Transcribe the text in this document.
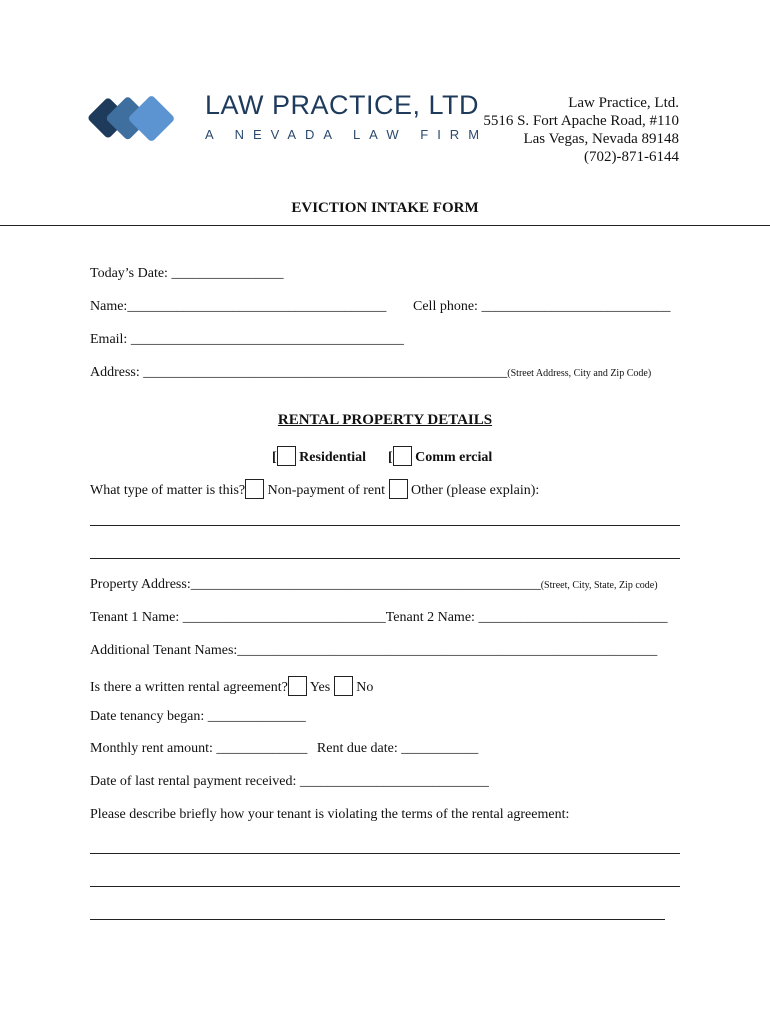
LAW PRACTICE, LTD
A NEVADA LAW FIRM
Law Practice, Ltd.
5516 S. Fort Apache Road, #110
Las Vegas, Nevada 89148
(702)-871-6144
EVICTION INTAKE FORM
Today’s Date: ________________
Name:_____________________________________ Cell phone: ___________________________
Email: _______________________________________
Address: ____________________________________________________(Street Address, City and Zip Code)
RENTAL PROPERTY DETAILS
[ Residential [ Comm ercial
What type of matter is this? Non-payment of rent Other (please explain):
Property Address:__________________________________________________(Street, City, State, Zip code)
Tenant 1 Name: _____________________________Tenant 2 Name: ___________________________
Additional Tenant Names:____________________________________________________________
Is there a written rental agreement? Yes No
Date tenancy began: ______________
Monthly rent amount: _____________ Rent due date: ___________
Date of last rental payment received: ___________________________
Please describe briefly how your tenant is violating the terms of the rental agreement:
